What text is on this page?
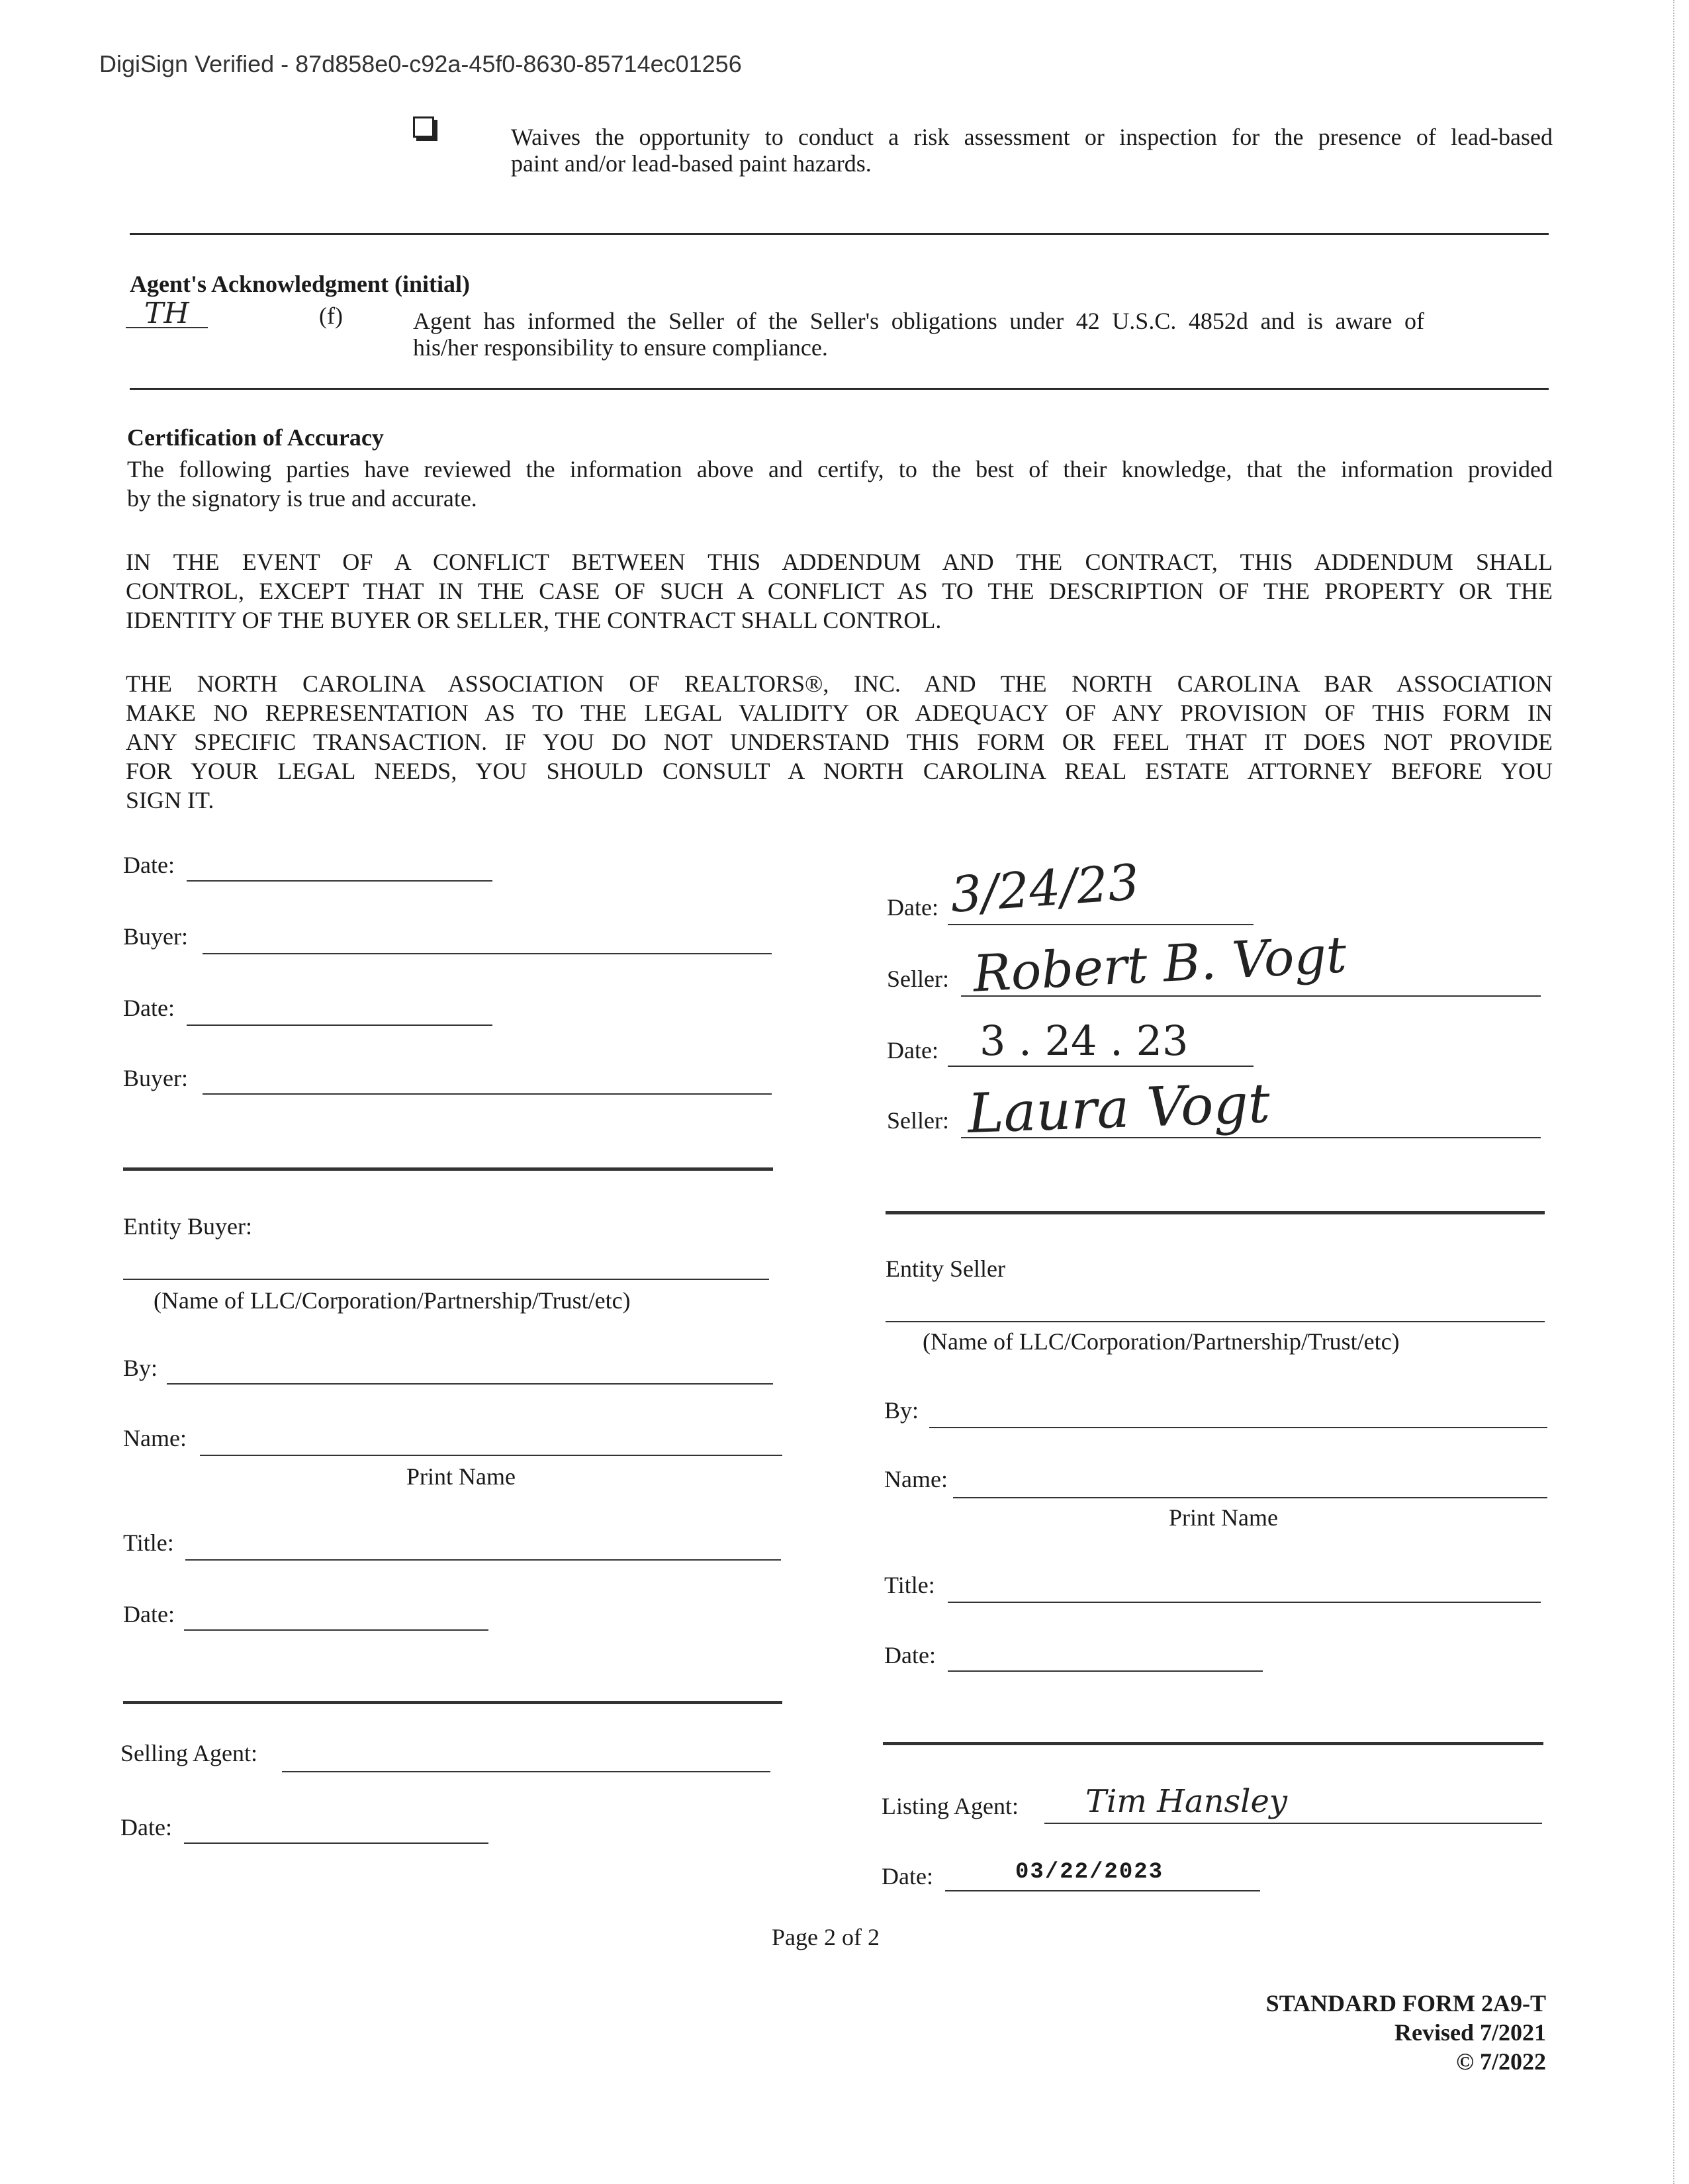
DigiSign Verified - 87d858e0-c92a-45f0-8630-85714ec01256
Waives the opportunity to conduct a risk assessment or inspection for the presence of lead-based
paint and/or lead-based paint hazards.
Agent's Acknowledgment (initial)
TH	(f)	Agent has informed the Seller of the Seller's obligations under 42 U.S.C. 4852d and is aware of
his/her responsibility to ensure compliance.
Certification of Accuracy
The following parties have reviewed the information above and certify, to the best of their knowledge, that the information provided
by the signatory is true and accurate.
IN THE EVENT OF A CONFLICT BETWEEN THIS ADDENDUM AND THE CONTRACT, THIS ADDENDUM SHALL
CONTROL, EXCEPT THAT IN THE CASE OF SUCH A CONFLICT AS TO THE DESCRIPTION OF THE PROPERTY OR THE
IDENTITY OF THE BUYER OR SELLER, THE CONTRACT SHALL CONTROL.
THE NORTH CAROLINA ASSOCIATION OF REALTORS®, INC. AND THE NORTH CAROLINA BAR ASSOCIATION
MAKE NO REPRESENTATION AS TO THE LEGAL VALIDITY OR ADEQUACY OF ANY PROVISION OF THIS FORM IN
ANY SPECIFIC TRANSACTION. IF YOU DO NOT UNDERSTAND THIS FORM OR FEEL THAT IT DOES NOT PROVIDE
FOR YOUR LEGAL NEEDS, YOU SHOULD CONSULT A NORTH CAROLINA REAL ESTATE ATTORNEY BEFORE YOU
SIGN IT.
Date:
Buyer:
Date:
Buyer:
Entity Buyer:
(Name of LLC/Corporation/Partnership/Trust/etc)
By:
Name:
Print Name
Title:
Date:
Selling Agent:
Date:
Date: 3/24/23
Seller: Robert B. Vogt
Date: 3 . 24 . 23
Seller: Laura Vogt
Entity Seller
(Name of LLC/Corporation/Partnership/Trust/etc)
By:
Name:
Print Name
Title:
Date:
Listing Agent: Tim Hansley
Date:	03/22/2023
Page 2 of 2
STANDARD FORM 2A9-T
Revised 7/2021
© 7/2022
